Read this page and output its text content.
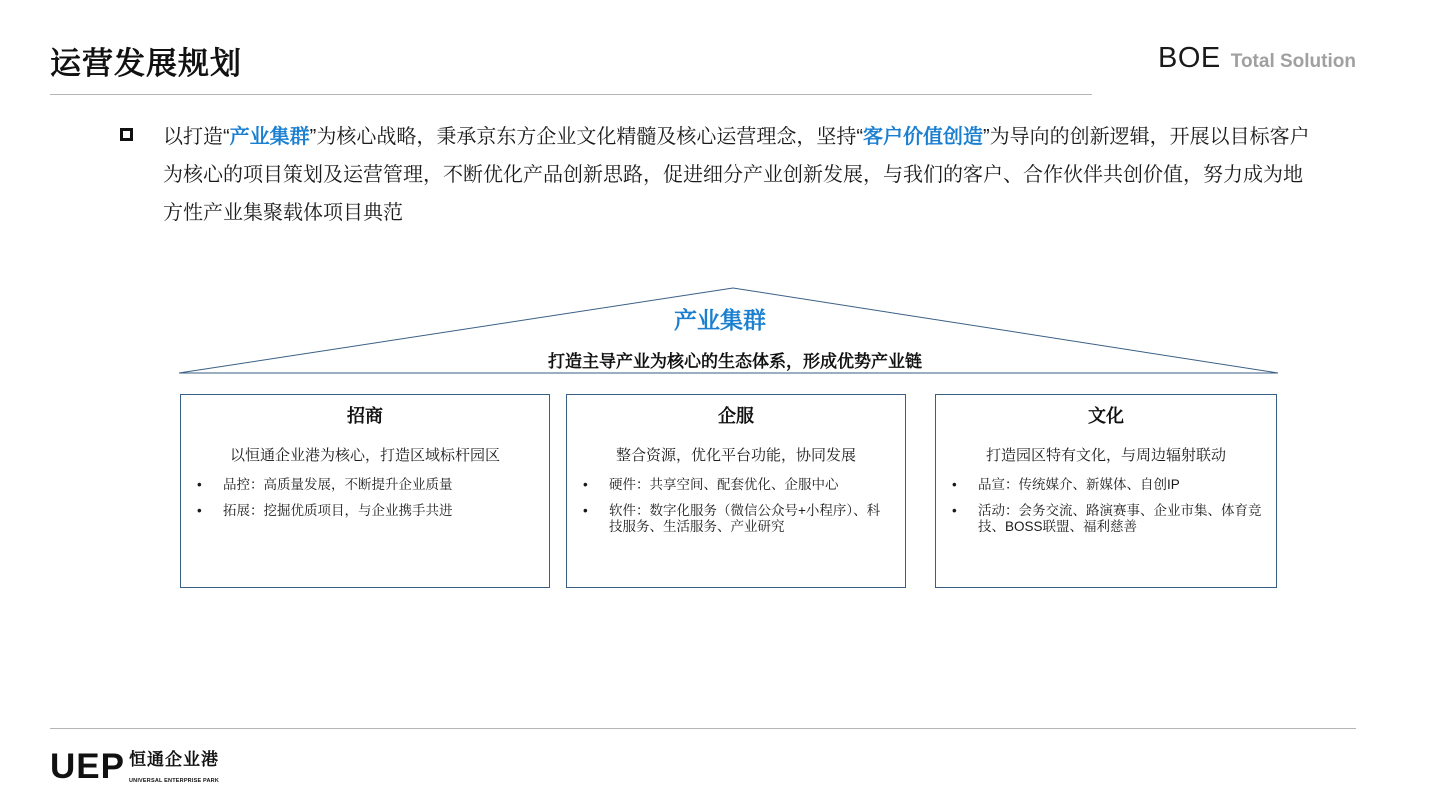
运营发展规划	BOE Total Solution
以打造“产业集群”为核心战略，秉承京东方企业文化精髓及核心运营理念，坚持“客户价值创造”为导向的创新逻辑，开展以目标客户为核心的项目策划及运营管理，不断优化产品创新思路，促进细分产业创新发展，与我们的客户、合作伙伴共创价值，努力成为地方性产业集聚载体项目典范
产业集群
打造主导产业为核心的生态体系，形成优势产业链
招商
以恒通企业港为核心，打造区域标杆园区
• 品控：高质量发展，不断提升企业质量
• 拓展：挖掘优质项目，与企业携手共进
企服
整合资源，优化平台功能，协同发展
• 硬件：共享空间、配套优化、企服中心
• 软件：数字化服务（微信公众号+小程序）、科技服务、生活服务、产业研究
文化
打造园区特有文化，与周边辐射联动
• 品宣：传统媒介、新媒体、自创IP
• 活动：会务交流、路演赛事、企业市集、体育竞技、BOSS联盟、福利慈善
UEP 恒通企业港
UNIVERSAL ENTERPRISE PARK
